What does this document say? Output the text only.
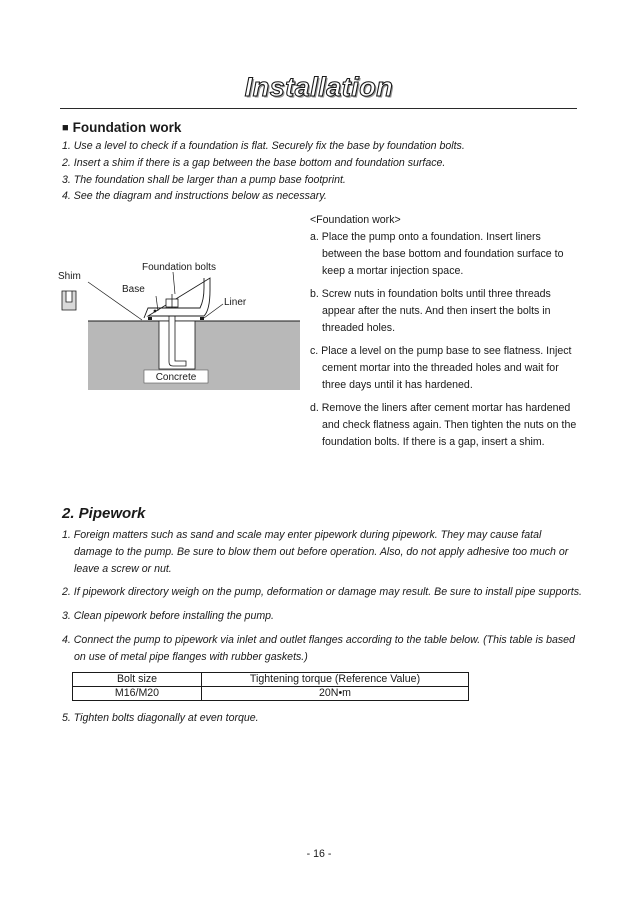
Installation
■ Foundation work
1. Use a level to check if a foundation is flat. Securely fix the base by foundation bolts.
2. Insert a shim if there is a gap between the base bottom and foundation surface.
3. The foundation shall be larger than a pump base footprint.
4. See the diagram and instructions below as necessary.
Shim
Foundation bolts
Base
Liner
Concrete
<Foundation work>
a. Place the pump onto a foundation. Insert liners between the base bottom and foundation surface to keep a mortar injection space.
b. Screw nuts in foundation bolts until three threads appear after the nuts. And then insert the bolts in threaded holes.
c. Place a level on the pump base to see flatness. Inject cement mortar into the threaded holes and wait for three days until it has hardened.
d. Remove the liners after cement mortar has hardened and check flatness again. Then tighten the nuts on the foundation bolts. If there is a gap, insert a shim.
2. Pipework
1. Foreign matters such as sand and scale may enter pipework during pipework. They may cause fatal damage to the pump. Be sure to blow them out before operation. Also, do not apply adhesive too much or leave a screw or nut.
2. If pipework directory weigh on the pump, deformation or damage may result. Be sure to install pipe supports.
3. Clean pipework before installing the pump.
4. Connect the pump to pipework via inlet and outlet flanges according to the table below. (This table is based on use of metal pipe flanges with rubber gaskets.)
Bolt size	Tightening torque (Reference Value)
M16/M20	20N•m
5. Tighten bolts diagonally at even torque.
- 16 -
